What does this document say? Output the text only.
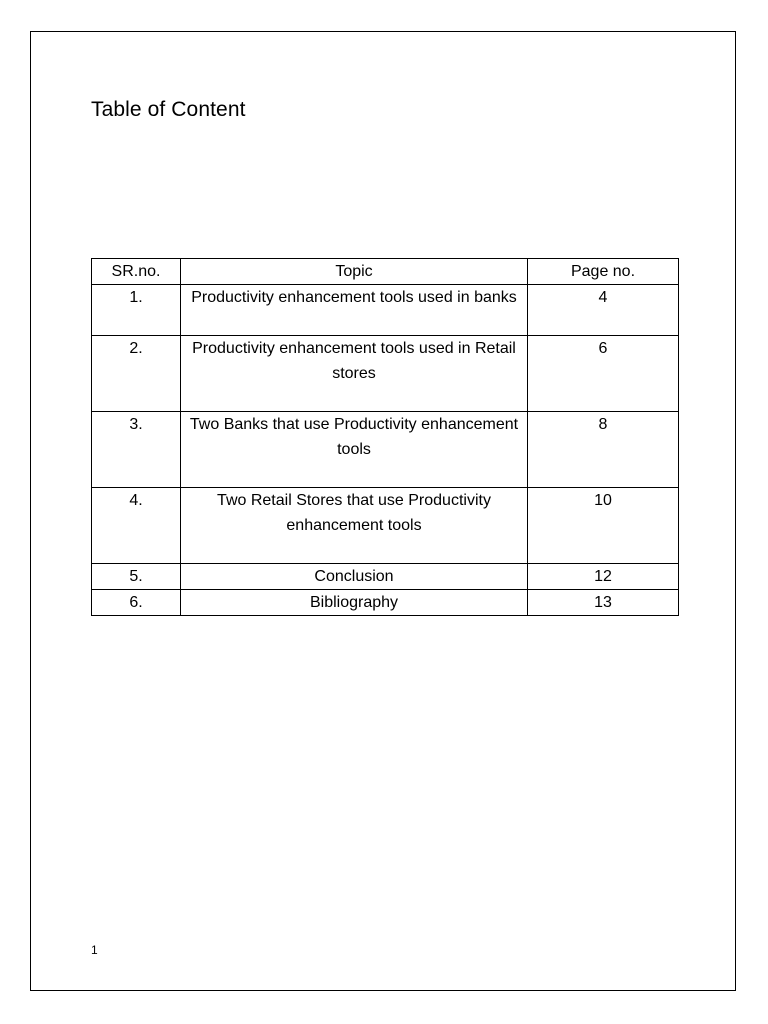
Table of Content
SR.no.	Topic	Page no.
1.	Productivity enhancement tools used in banks	4
2.	Productivity enhancement tools used in Retail stores	6
3.	Two Banks that use Productivity enhancement tools	8
4.	Two Retail Stores that use Productivity enhancement tools	10
5.	Conclusion	12
6.	Bibliography	13
1
